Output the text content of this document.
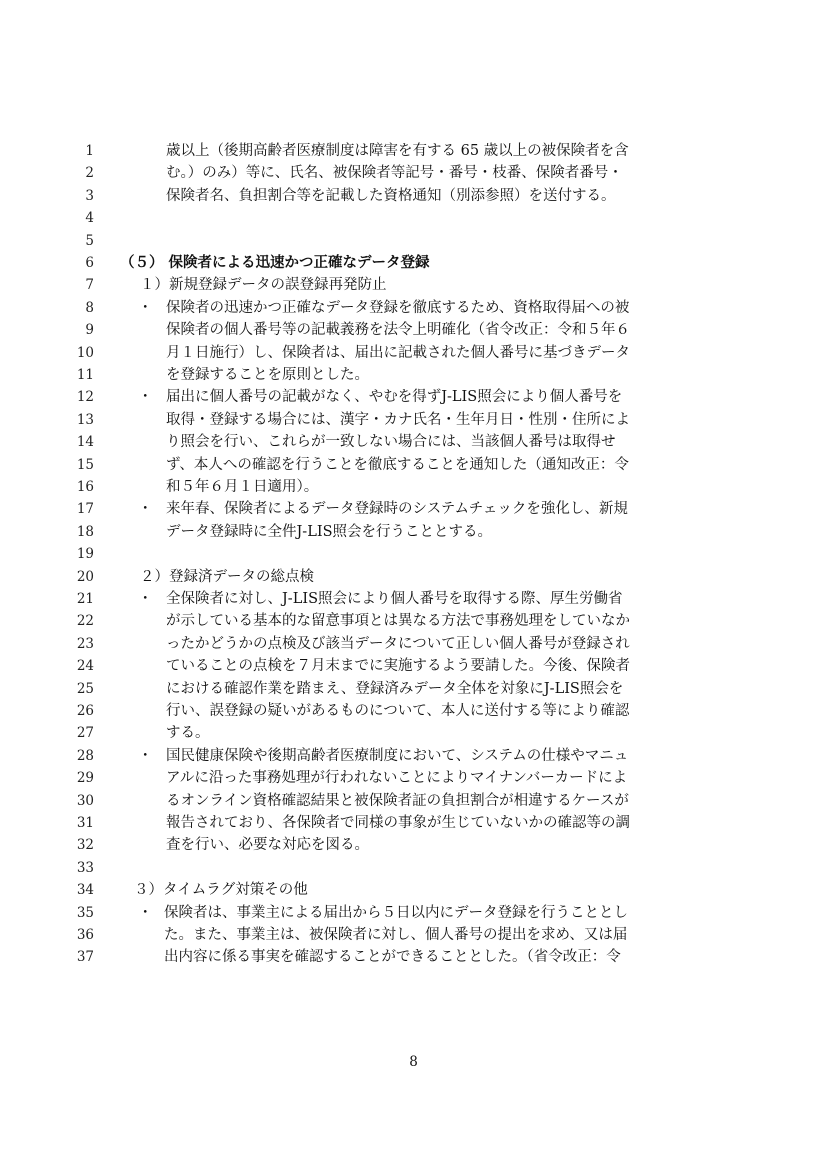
1	歳以上（後期高齢者医療制度は障害を有する 65 歳以上の被保険者を含
2	む。）のみ）等に、氏名、被保険者等記号・番号・枝番、保険者番号・
3	保険者名、負担割合等を記載した資格通知（別添参照）を送付する。
4
5
6 （５） 保険者による迅速かつ正確なデータ登録
7	１）新規登録データの誤登録再発防止
8	・ 保険者の迅速かつ正確なデータ登録を徹底するため、資格取得届への被
9	保険者の個人番号等の記載義務を法令上明確化（省令改正：令和５年６
10	月１日施行）し、保険者は、届出に記載された個人番号に基づきデータ
11	を登録することを原則とした。
12	・ 届出に個人番号の記載がなく、やむを得ずJ-LIS照会により個人番号を
13	取得・登録する場合には、漢字・カナ氏名・生年月日・性別・住所によ
14	り照会を行い、これらが一致しない場合には、当該個人番号は取得せ
15	ず、本人への確認を行うことを徹底することを通知した（通知改正：令
16	和５年６月１日適用）。
17	・ 来年春、保険者によるデータ登録時のシステムチェックを強化し、新規
18	データ登録時に全件J-LIS照会を行うこととする。
19
20	２）登録済データの総点検
21	・ 全保険者に対し、J-LIS照会により個人番号を取得する際、厚生労働省
22	が示している基本的な留意事項とは異なる方法で事務処理をしていなか
23	ったかどうかの点検及び該当データについて正しい個人番号が登録され
24	ていることの点検を７月末までに実施するよう要請した。今後、保険者
25	における確認作業を踏まえ、登録済みデータ全体を対象にJ-LIS照会を
26	行い、誤登録の疑いがあるものについて、本人に送付する等により確認
27	する。
28	・ 国民健康保険や後期高齢者医療制度において、システムの仕様やマニュ
29	アルに沿った事務処理が行われないことによりマイナンバーカードによ
30	るオンライン資格確認結果と被保険者証の負担割合が相違するケースが
31	報告されており、各保険者で同様の事象が生じていないかの確認等の調
32	査を行い、必要な対応を図る。
33
34	３）タイムラグ対策その他
35	・ 保険者は、事業主による届出から５日以内にデータ登録を行うこととし
36	た。また、事業主は、被保険者に対し、個人番号の提出を求め、又は届
37	出内容に係る事実を確認することができることとした。（省令改正：令
8
